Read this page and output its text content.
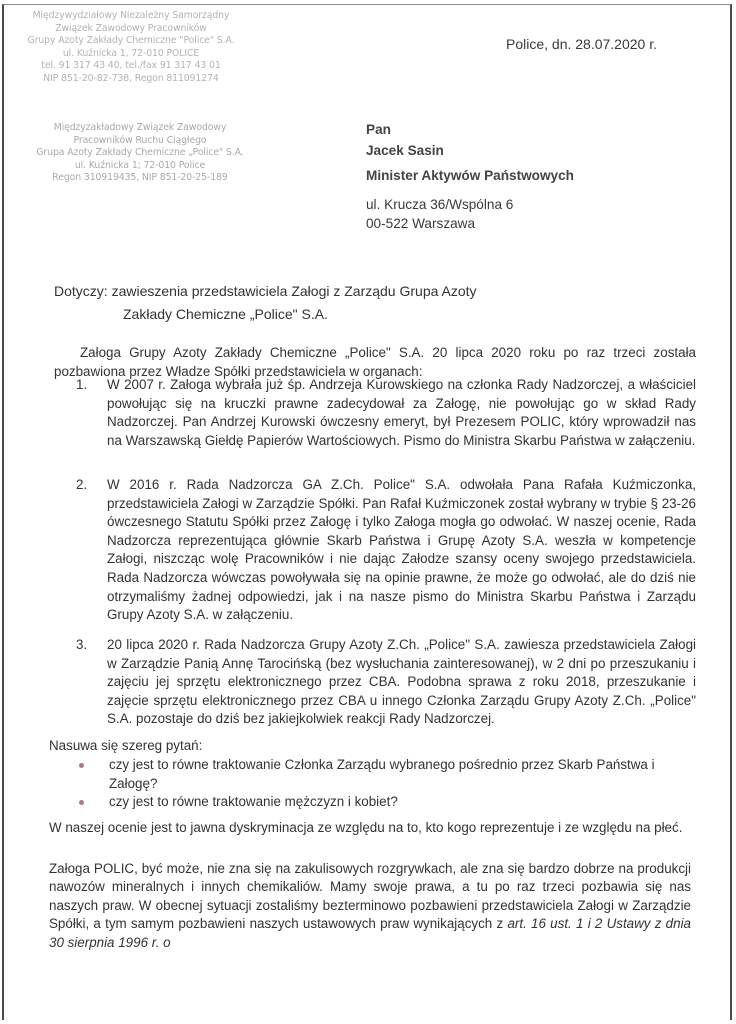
Międzywydziałowy Niezależny Samorządny
Związek Zawodowy Pracowników
Grupy Azoty Zakłady Chemiczne "Police" S.A.
ul. Kuźnicka 1, 72-010 POLICE
tel. 91 317 43 40, tel./fax 91 317 43 01
NIP 851-20-82-738, Regon 811091274
Międzyzakładowy Związek Zawodowy
Pracowników Ruchu Ciągłego
Grupa Azoty Zakłady Chemiczne „Police" S.A.
ul. Kuźnicka 1; 72-010 Police
Regon 310919435, NIP 851-20-25-189
Police, dn. 28.07.2020 r.
Pan
Jacek Sasin
Minister Aktywów Państwowych
ul. Krucza 36/Wspólna 6
00-522 Warszawa
Dotyczy: zawieszenia przedstawiciela Załogi z Zarządu Grupa Azoty
Zakłady Chemiczne „Police" S.A.
Załoga Grupy Azoty Zakłady Chemiczne „Police" S.A. 20 lipca 2020 roku po raz trzeci została pozbawiona przez Władze Spółki przedstawiciela w organach:
1. W 2007 r. Załoga wybrała już śp. Andrzeja Kurowskiego na członka Rady Nadzorczej, a właściciel powołując się na kruczki prawne zadecydował za Załogę, nie powołując go w skład Rady Nadzorczej. Pan Andrzej Kurowski ówczesny emeryt, był Prezesem POLIC, który wprowadził nas na Warszawską Giełdę Papierów Wartościowych. Pismo do Ministra Skarbu Państwa w załączeniu.
2. W 2016 r. Rada Nadzorcza GA Z.Ch. Police" S.A. odwołała Pana Rafała Kuźmiczonka, przedstawiciela Załogi w Zarządzie Spółki. Pan Rafał Kuźmiczonek został wybrany w trybie § 23-26 ówczesnego Statutu Spółki przez Załogę i tylko Załoga mogła go odwołać. W naszej ocenie, Rada Nadzorcza reprezentująca głównie Skarb Państwa i Grupę Azoty S.A. weszła w kompetencje Załogi, niszcząc wolę Pracowników i nie dając Załodze szansy oceny swojego przedstawiciela. Rada Nadzorcza wówczas powoływała się na opinie prawne, że może go odwołać, ale do dziś nie otrzymaliśmy żadnej odpowiedzi, jak i na nasze pismo do Ministra Skarbu Państwa i Zarządu Grupy Azoty S.A. w załączeniu.
3. 20 lipca 2020 r. Rada Nadzorcza Grupy Azoty Z.Ch. „Police" S.A. zawiesza przedstawiciela Załogi w Zarządzie Panią Annę Tarocińską (bez wysłuchania zainteresowanej), w 2 dni po przeszukaniu i zajęciu jej sprzętu elektronicznego przez CBA. Podobna sprawa z roku 2018, przeszukanie i zajęcie sprzętu elektronicznego przez CBA u innego Członka Zarządu Grupy Azoty Z.Ch. „Police" S.A. pozostaje do dziś bez jakiejkolwiek reakcji Rady Nadzorczej.
Nasuwa się szereg pytań:
czy jest to równe traktowanie Członka Zarządu wybranego pośrednio przez Skarb Państwa i Załogę?
czy jest to równe traktowanie mężczyzn i kobiet?
W naszej ocenie jest to jawna dyskryminacja ze względu na to, kto kogo reprezentuje i ze względu na płeć.
Załoga POLIC, być może, nie zna się na zakulisowych rozgrywkach, ale zna się bardzo dobrze na produkcji nawozów mineralnych i innych chemikaliów. Mamy swoje prawa, a tu po raz trzeci pozbawia się nas naszych praw. W obecnej sytuacji zostaliśmy bezterminowo pozbawieni przedstawiciela Załogi w Zarządzie Spółki, a tym samym pozbawieni naszych ustawowych praw wynikających z art. 16 ust. 1 i 2 Ustawy z dnia 30 sierpnia 1996 r. o
